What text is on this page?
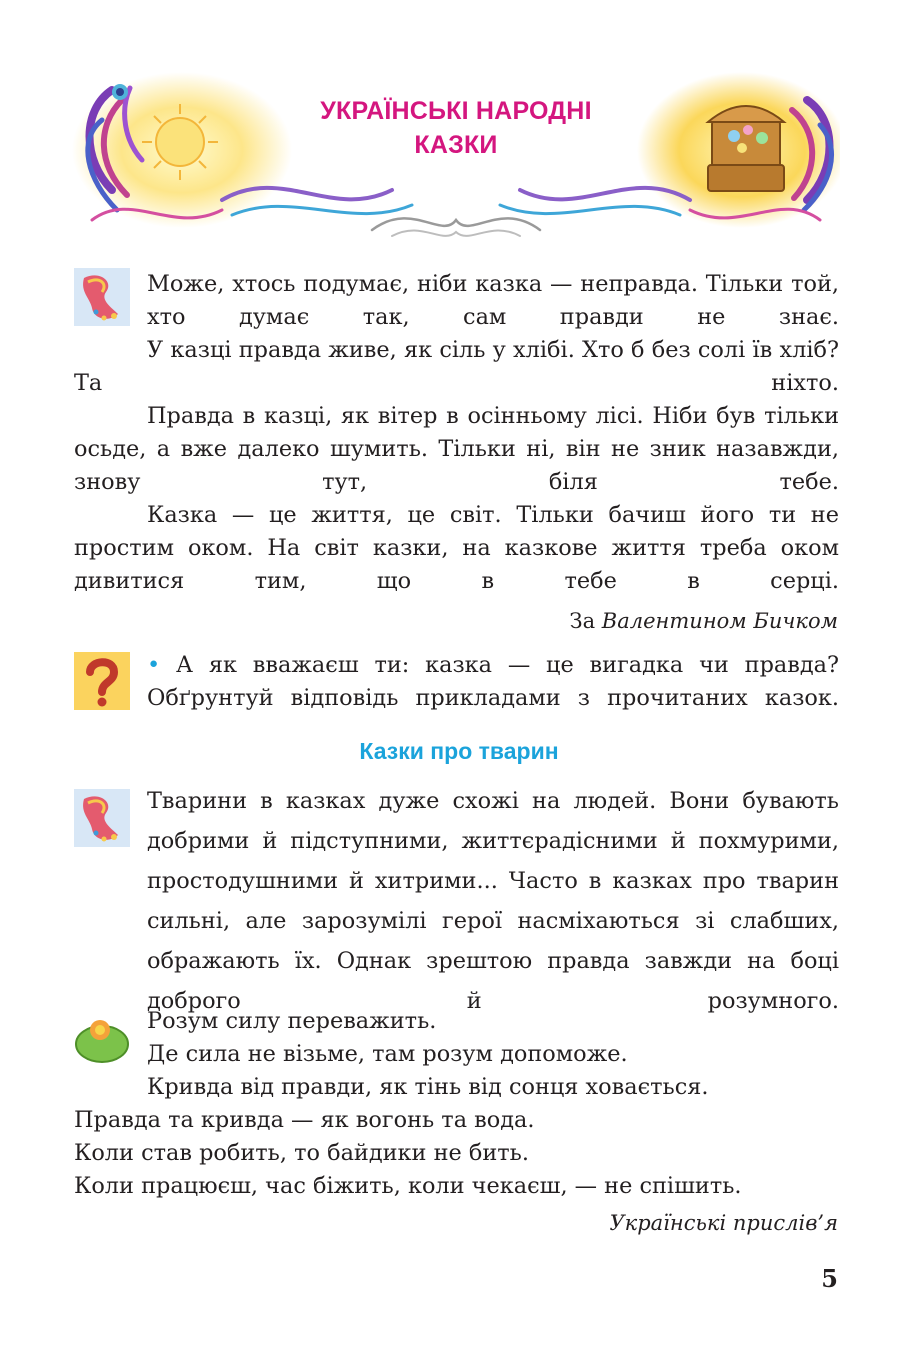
УКРАЇНСЬКІ НАРОДНІ
КАЗКИ

Може, хтось подумає, ніби казка — неправда. Тільки той, хто думає так, сам правди не знає.

У казці правда живе, як сіль у хлібі. Хто б без солі їв хліб? Та ніхто.

Правда в казці, як вітер в осінньому лісі. Ніби був тільки осьде, а вже далеко шумить. Тільки ні, він не зник назавжди, знову тут, біля тебе.

Казка — це життя, це світ. Тільки бачиш його ти не простим оком. На світ казки, на казкове життя треба оком дивитися тим, що в тебе в серці.

За Валентином Бичком

• А як вважаєш ти: казка — це вигадка чи правда? Обґрунтуй відповідь прикладами з прочитаних казок.

Казки про тварин

Тварини в казках дуже схожі на людей. Вони бувають добрими й підступними, життєрадісними й похмурими, простодушними й хитрими... Часто в казках про тварин сильні, але зарозумілі герої насміхаються зі слабших, ображають їх. Однак зрештою правда завжди на боці доброго й розумного.

Розум силу переважить.
Де сила не візьме, там розум допоможе.
Кривда від правди, як тінь від сонця ховається.
Правда та кривда — як вогонь та вода.
Коли став робить, то байдики не бить.
Коли працюєш, час біжить, коли чекаєш, — не спішить.
Українські прислів’я
5
